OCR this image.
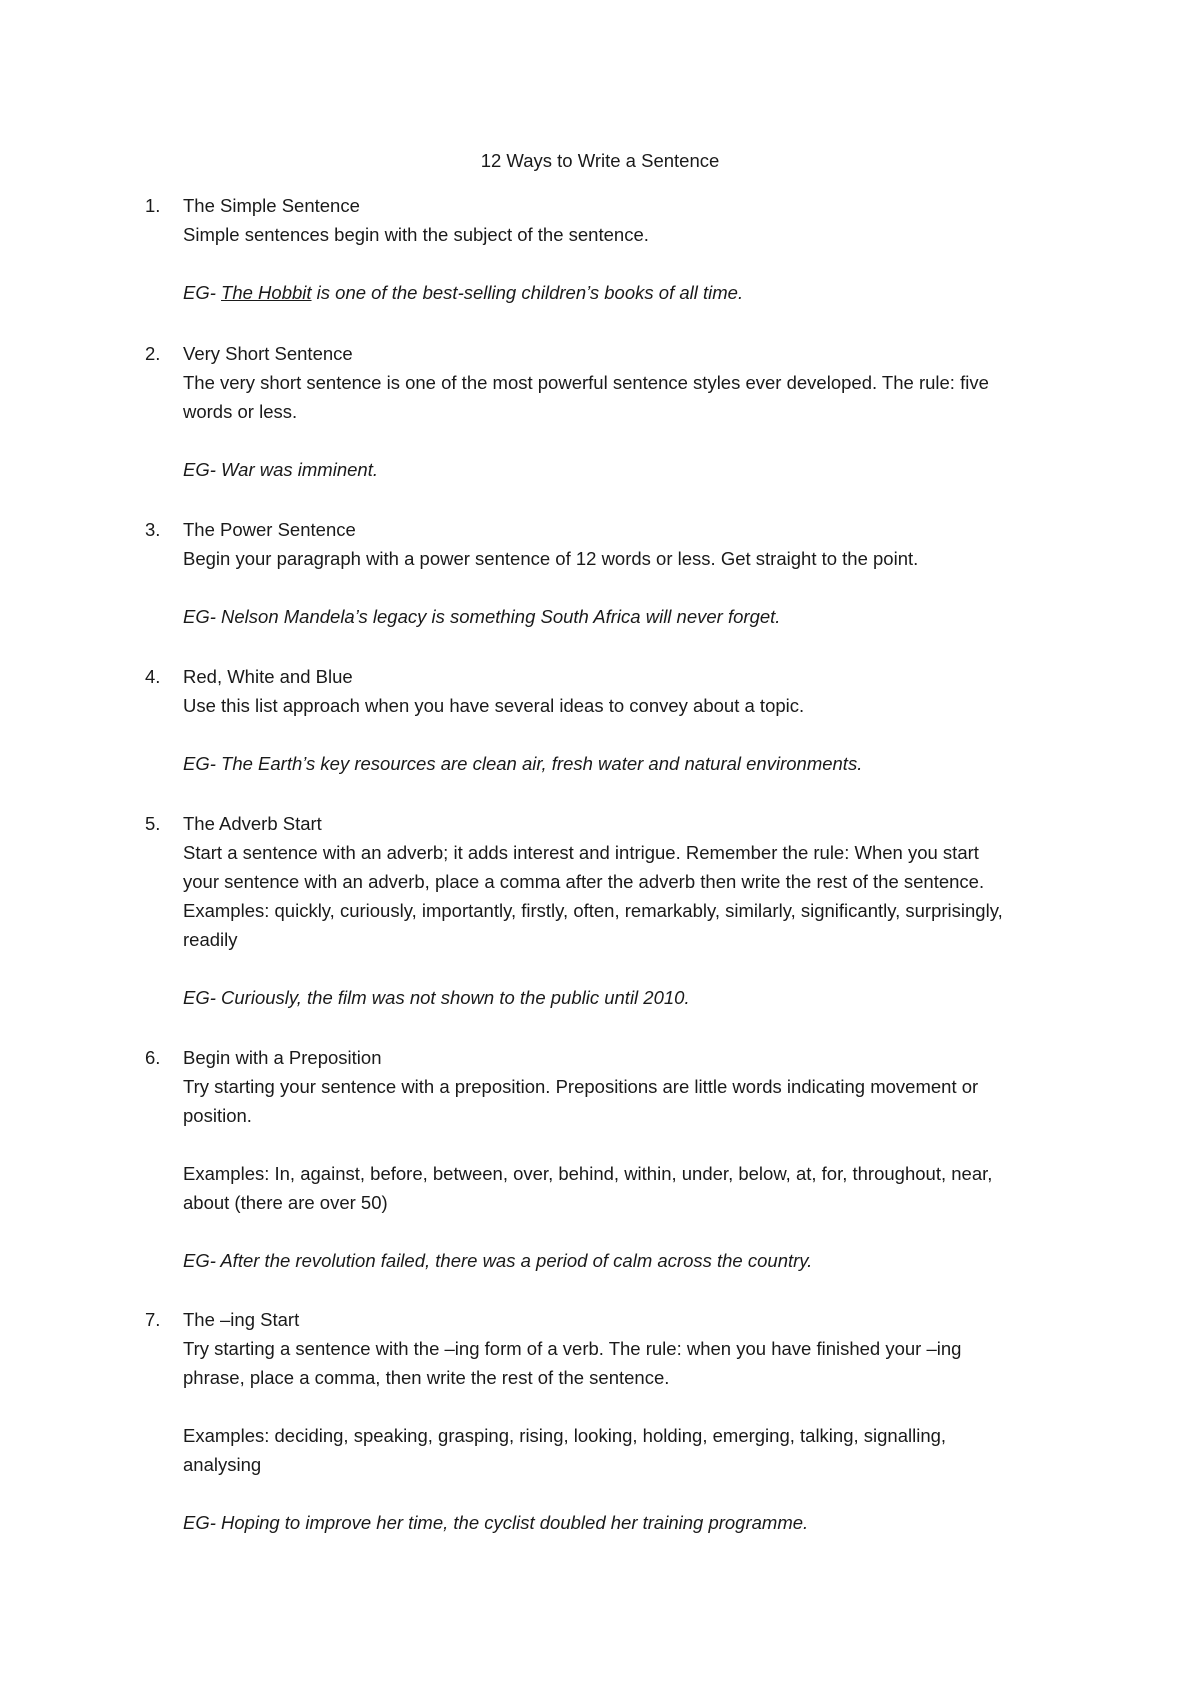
12 Ways to Write a Sentence
1.	The Simple Sentence
Simple sentences begin with the subject of the sentence.
EG- The Hobbit is one of the best-selling children’s books of all time.
2.	Very Short Sentence
The very short sentence is one of the most powerful sentence styles ever developed. The rule: five
words or less.
EG- War was imminent.
3.	The Power Sentence
Begin your paragraph with a power sentence of 12 words or less. Get straight to the point.
EG- Nelson Mandela’s legacy is something South Africa will never forget.
4.	Red, White and Blue
Use this list approach when you have several ideas to convey about a topic.
EG- The Earth’s key resources are clean air, fresh water and natural environments.
5.	The Adverb Start
Start a sentence with an adverb; it adds interest and intrigue. Remember the rule: When you start
your sentence with an adverb, place a comma after the adverb then write the rest of the sentence.
Examples: quickly, curiously, importantly, firstly, often, remarkably, similarly, significantly, surprisingly,
readily
EG- Curiously, the film was not shown to the public until 2010.
6.	Begin with a Preposition
Try starting your sentence with a preposition. Prepositions are little words indicating movement or
position.
Examples: In, against, before, between, over, behind, within, under, below, at, for, throughout, near,
about (there are over 50)
EG- After the revolution failed, there was a period of calm across the country.
7.	The –ing Start
Try starting a sentence with the –ing form of a verb. The rule: when you have finished your –ing
phrase, place a comma, then write the rest of the sentence.
Examples: deciding, speaking, grasping, rising, looking, holding, emerging, talking, signalling,
analysing
EG- Hoping to improve her time, the cyclist doubled her training programme.
